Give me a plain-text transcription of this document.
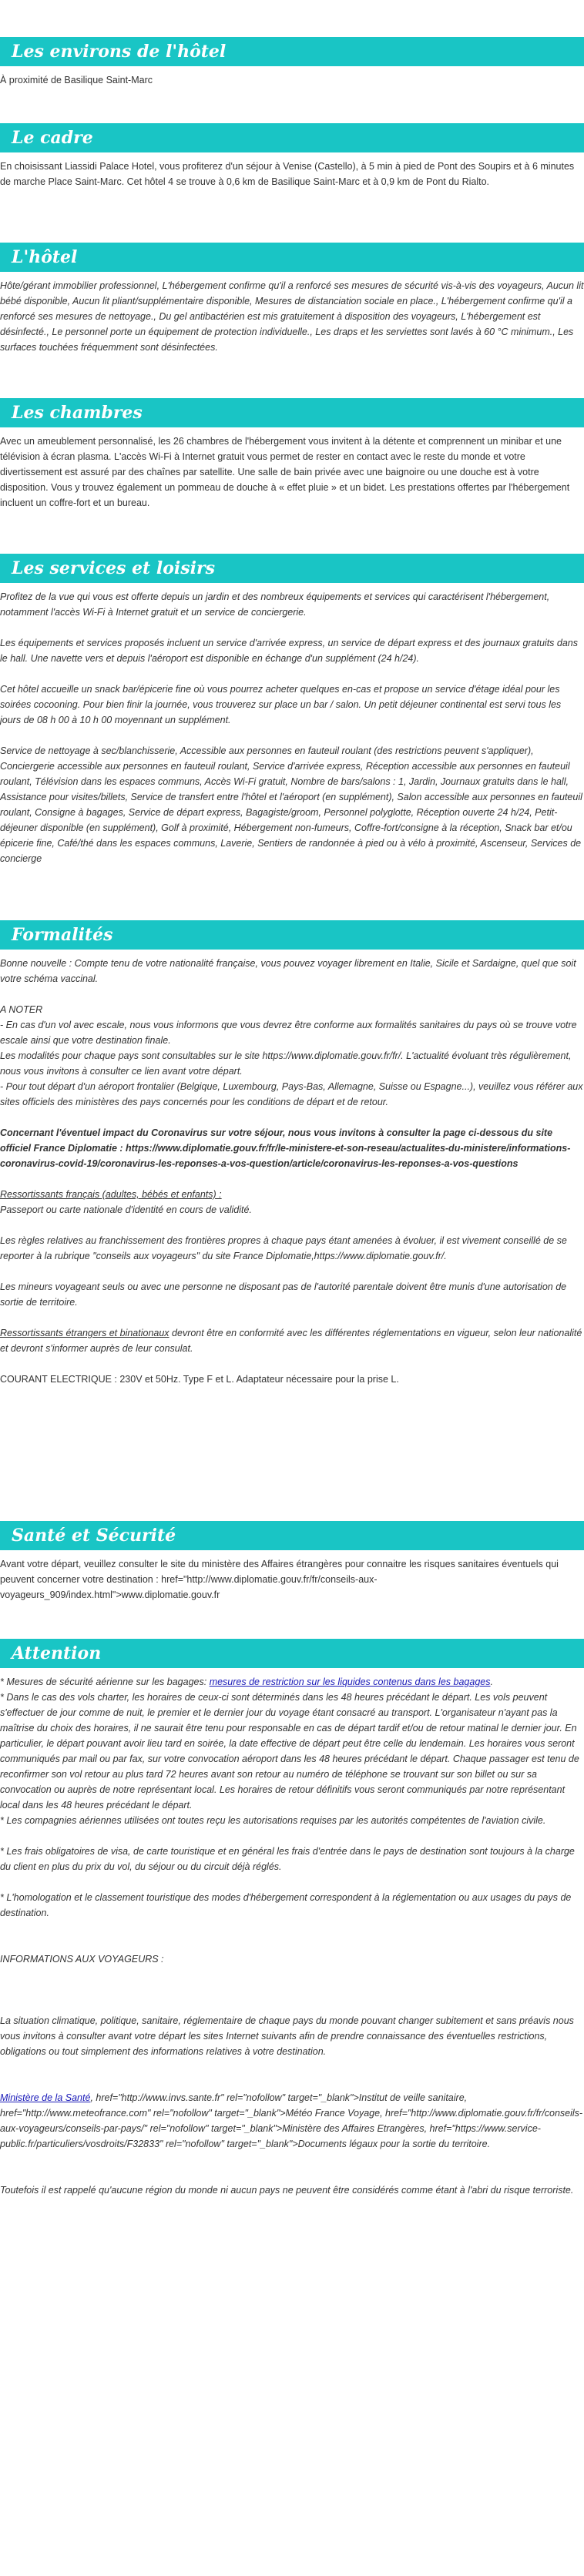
Les environs de l'hôtel

À proximité de Basilique Saint-Marc

Le cadre

En choisissant Liassidi Palace Hotel, vous profiterez d'un séjour à Venise (Castello), à 5 min à pied de Pont des Soupirs et à 6 minutes de marche Place Saint-Marc. Cet hôtel 4 se trouve à 0,6 km de Basilique Saint-Marc et à 0,9 km de Pont du Rialto.

L'hôtel

Hôte/gérant immobilier professionnel, L'hébergement confirme qu'il a renforcé ses mesures de sécurité vis-à-vis des voyageurs, Aucun lit bébé disponible, Aucun lit pliant/supplémentaire disponible, Mesures de distanciation sociale en place., L'hébergement confirme qu'il a renforcé ses mesures de nettoyage., Du gel antibactérien est mis gratuitement à disposition des voyageurs, L'hébergement est désinfecté., Le personnel porte un équipement de protection individuelle., Les draps et les serviettes sont lavés à 60 °C minimum., Les surfaces touchées fréquemment sont désinfectées.

Les chambres

Avec un ameublement personnalisé, les 26 chambres de l'hébergement vous invitent à la détente et comprennent un minibar et une télévision à écran plasma. L'accès Wi-Fi à Internet gratuit vous permet de rester en contact avec le reste du monde et votre divertissement est assuré par des chaînes par satellite. Une salle de bain privée avec une baignoire ou une douche est à votre disposition. Vous y trouvez également un pommeau de douche à « effet pluie » et un bidet. Les prestations offertes par l'hébergement incluent un coffre-fort et un bureau.

Les services et loisirs

Profitez de la vue qui vous est offerte depuis un jardin et des nombreux équipements et services qui caractérisent l'hébergement, notamment l'accès Wi-Fi à Internet gratuit et un service de conciergerie.

Les équipements et services proposés incluent un service d'arrivée express, un service de départ express et des journaux gratuits dans le hall. Une navette vers et depuis l'aéroport est disponible en échange d'un supplément (24 h/24).

Cet hôtel accueille un snack bar/épicerie fine où vous pourrez acheter quelques en-cas et propose un service d'étage idéal pour les soirées cocooning. Pour bien finir la journée, vous trouverez sur place un bar / salon. Un petit déjeuner continental est servi tous les jours de 08 h 00 à 10 h 00 moyennant un supplément.

Service de nettoyage à sec/blanchisserie, Accessible aux personnes en fauteuil roulant (des restrictions peuvent s'appliquer), Conciergerie accessible aux personnes en fauteuil roulant, Service d'arrivée express, Réception accessible aux personnes en fauteuil roulant, Télévision dans les espaces communs, Accès Wi-Fi gratuit, Nombre de bars/salons : 1, Jardin, Journaux gratuits dans le hall, Assistance pour visites/billets, Service de transfert entre l'hôtel et l'aéroport (en supplément), Salon accessible aux personnes en fauteuil roulant, Consigne à bagages, Service de départ express, Bagagiste/groom, Personnel polyglotte, Réception ouverte 24 h/24, Petit-déjeuner disponible (en supplément), Golf à proximité, Hébergement non-fumeurs, Coffre-fort/consigne à la réception, Snack bar et/ou épicerie fine, Café/thé dans les espaces communs, Laverie, Sentiers de randonnée à pied ou à vélo à proximité, Ascenseur, Services de concierge

Formalités

Bonne nouvelle : Compte tenu de votre nationalité française, vous pouvez voyager librement en Italie, Sicile et Sardaigne, quel que soit votre schéma vaccinal.

A NOTER

- En cas d'un vol avec escale, nous vous informons que vous devrez être conforme aux formalités sanitaires du pays où se trouve votre escale ainsi que votre destination finale.

Les modalités pour chaque pays sont consultables sur le site https://www.diplomatie.gouv.fr/fr/. L'actualité évoluant très régulièrement, nous vous invitons à consulter ce lien avant votre départ.

- Pour tout départ d'un aéroport frontalier (Belgique, Luxembourg, Pays-Bas, Allemagne, Suisse ou Espagne...), veuillez vous référer aux sites officiels des ministères des pays concernés pour les conditions de départ et de retour.

Concernant l'éventuel impact du Coronavirus sur votre séjour, nous vous invitons à consulter la page ci-dessous du site officiel France Diplomatie : https://www.diplomatie.gouv.fr/fr/le-ministere-et-son-reseau/actualites-du-ministere/informations-coronavirus-covid-19/coronavirus-les-reponses-a-vos-question/article/coronavirus-les-reponses-a-vos-questions

Ressortissants français (adultes, bébés et enfants) :

Passeport ou carte nationale d'identité en cours de validité.

Les règles relatives au franchissement des frontières propres à chaque pays étant amenées à évoluer, il est vivement conseillé de se reporter à la rubrique "conseils aux voyageurs" du site France Diplomatie,https://www.diplomatie.gouv.fr/.

Les mineurs voyageant seuls ou avec une personne ne disposant pas de l'autorité parentale doivent être munis d'une autorisation de sortie de territoire.

Ressortissants étrangers et binationaux devront être en conformité avec les différentes réglementations en vigueur, selon leur nationalité et devront s'informer auprès de leur consulat.

COURANT ELECTRIQUE : 230V et 50Hz. Type F et L. Adaptateur nécessaire pour la prise L.

Santé et Sécurité

Avant votre départ, veuillez consulter le site du ministère des Affaires étrangères pour connaitre les risques sanitaires éventuels qui peuvent concerner votre destination : href="http://www.diplomatie.gouv.fr/fr/conseils-aux-voyageurs_909/index.html">www.diplomatie.gouv.fr

Attention

* Mesures de sécurité aérienne sur les bagages: mesures de restriction sur les liquides contenus dans les bagages.

* Dans le cas des vols charter, les horaires de ceux-ci sont déterminés dans les 48 heures précédant le départ. Les vols peuvent s'effectuer de jour comme de nuit, le premier et le dernier jour du voyage étant consacré au transport. L'organisateur n'ayant pas la maîtrise du choix des horaires, il ne saurait être tenu pour responsable en cas de départ tardif et/ou de retour matinal le dernier jour. En particulier, le départ pouvant avoir lieu tard en soirée, la date effective de départ peut être celle du lendemain. Les horaires vous seront communiqués par mail ou par fax, sur votre convocation aéroport dans les 48 heures précédant le départ. Chaque passager est tenu de reconfirmer son vol retour au plus tard 72 heures avant son retour au numéro de téléphone se trouvant sur son billet ou sur sa convocation ou auprès de notre représentant local. Les horaires de retour définitifs vous seront communiqués par notre représentant local dans les 48 heures précédant le départ.

* Les compagnies aériennes utilisées ont toutes reçu les autorisations requises par les autorités compétentes de l'aviation civile.

* Les frais obligatoires de visa, de carte touristique et en général les frais d'entrée dans le pays de destination sont toujours à la charge du client en plus du prix du vol, du séjour ou du circuit déjà réglés.

* L'homologation et le classement touristique des modes d'hébergement correspondent à la réglementation ou aux usages du pays de destination.

INFORMATIONS AUX VOYAGEURS :

La situation climatique, politique, sanitaire, réglementaire de chaque pays du monde pouvant changer subitement et sans préavis nous vous invitons à consulter avant votre départ les sites Internet suivants afin de prendre connaissance des éventuelles restrictions, obligations ou tout simplement des informations relatives à votre destination.

Ministère de la Santé, href="http://www.invs.sante.fr" rel="nofollow" target="_blank">Institut de veille sanitaire, href="http://www.meteofrance.com" rel="nofollow" target="_blank">Météo France Voyage, href="http://www.diplomatie.gouv.fr/fr/conseils-aux-voyageurs/conseils-par-pays/" rel="nofollow" target="_blank">Ministère des Affaires Etrangères, href="https://www.service-public.fr/particuliers/vosdroits/F32833" rel="nofollow" target="_blank">Documents légaux pour la sortie du territoire.

Toutefois il est rappelé qu'aucune région du monde ni aucun pays ne peuvent être considérés comme étant à l'abri du risque terroriste.
